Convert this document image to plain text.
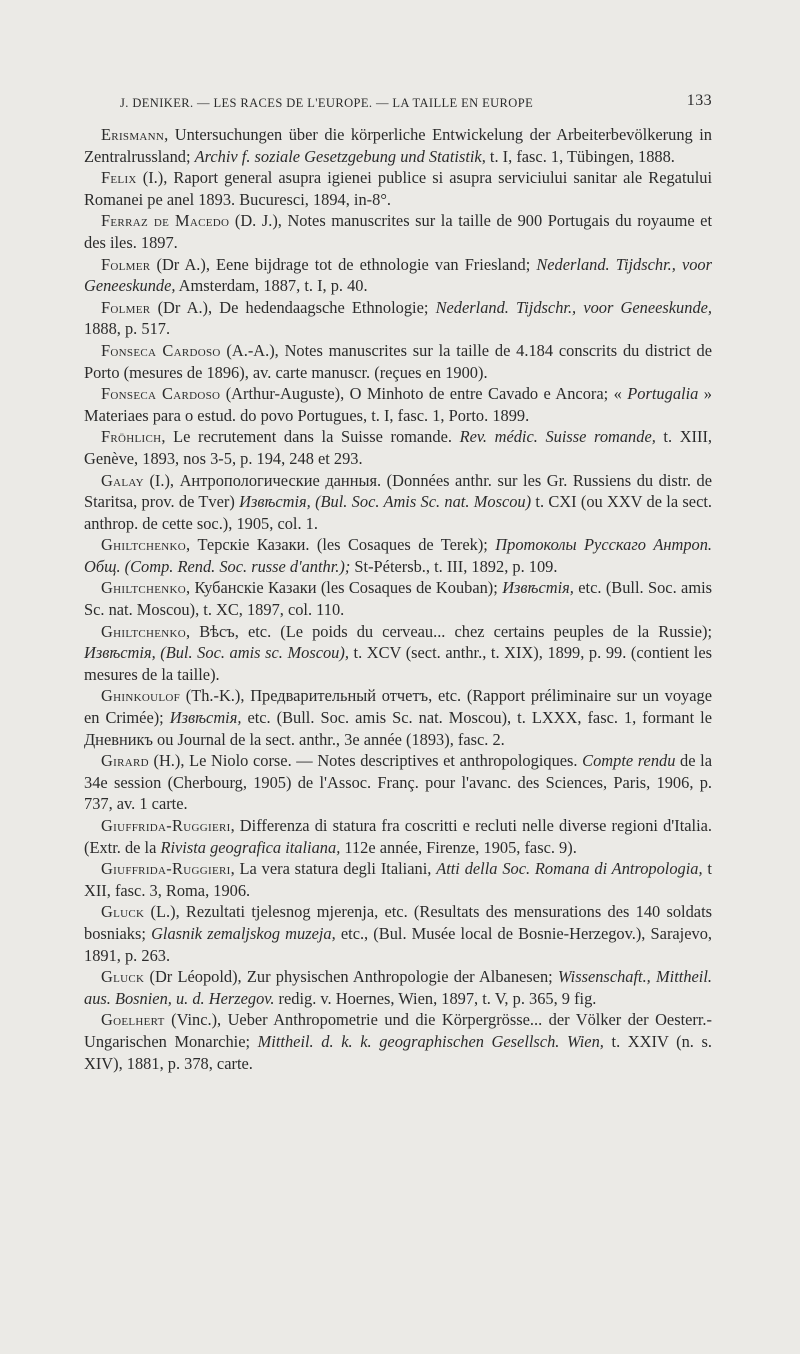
J. DENIKER. — LES RACES DE L'EUROPE. — LA TAILLE EN EUROPE	133

Erismann, Untersuchungen über die körperliche Entwickelung der Arbeiterbevölkerung in Zentralrussland; Archiv f. soziale Gesetzgebung und Statistik, t. I, fasc. 1, Tübingen, 1888.

Felix (I.), Raport general asupra igienei publice si asupra serviciului sanitar ale Regatului Romanei pe anel 1893. Bucuresci, 1894, in-8°.

Ferraz de Macedo (D. J.), Notes manuscrites sur la taille de 900 Portugais du royaume et des iles. 1897.

Folmer (Dr A.), Eene bijdrage tot de ethnologie van Friesland; Nederland. Tijdschr., voor Geneeskunde, Amsterdam, 1887, t. I, p. 40.

Folmer (Dr A.), De hedendaagsche Ethnologie; Nederland. Tijdschr., voor Geneeskunde, 1888, p. 517.

Fonseca Cardoso (A.-A.), Notes manuscrites sur la taille de 4.184 conscrits du district de Porto (mesures de 1896), av. carte manuscr. (reçues en 1900).

Fonseca Cardoso (Arthur-Auguste), O Minhoto de entre Cavado e Ancora; « Portugalia » Materiaes para o estud. do povo Portugues, t. I, fasc. 1, Porto. 1899.

Fröhlich, Le recrutement dans la Suisse romande. Rev. médic. Suisse romande, t. XIII, Genève, 1893, nos 3-5, p. 194, 248 et 293.

Galay (I.), Антропологические данныя. (Données anthr. sur les Gr. Russiens du distr. de Staritsa, prov. de Tver) Извѣстія, (Bul. Soc. Amis Sc. nat. Moscou) t. CXI (ou XXV de la sect. anthrop. de cette soc.), 1905, col. 1.

Ghiltchenko, Терскіе Казаки. (les Cosaques de Terek); Протоколы Русскаго Антроп. Общ. (Comp. Rend. Soc. russe d'anthr.); St-Pétersb., t. III, 1892, p. 109.

Ghiltchenko, Кубанскіе Казаки (les Cosaques de Kouban); Извѣстія, etc. (Bull. Soc. amis Sc. nat. Moscou), t. XC, 1897, col. 110.

Ghiltchenko, Вѣсъ, etc. (Le poids du cerveau... chez certains peuples de la Russie); Извѣстія, (Bul. Soc. amis sc. Moscou), t. XCV (sect. anthr., t. XIX), 1899, p. 99. (contient les mesures de la taille).

Ghinkoulof (Th.-K.), Предварительный отчетъ, etc. (Rapport préliminaire sur un voyage en Crimée); Извѣстія, etc. (Bull. Soc. amis Sc. nat. Moscou), t. LXXX, fasc. 1, formant le Дневникъ ou Journal de la sect. anthr., 3e année (1893), fasc. 2.

Girard (H.), Le Niolo corse. — Notes descriptives et anthropologiques. Compte rendu de la 34e session (Cherbourg, 1905) de l'Assoc. Franç. pour l'avanc. des Sciences, Paris, 1906, p. 737, av. 1 carte.

Giuffrida-Ruggieri, Differenza di statura fra coscritti e recluti nelle diverse regioni d'Italia. (Extr. de la Rivista geografica italiana, 112e année, Firenze, 1905, fasc. 9).

Giuffrida-Ruggieri, La vera statura degli Italiani, Atti della Soc. Romana di Antropologia, t XII, fasc. 3, Roma, 1906.

Gluck (L.), Rezultati tjelesnog mjerenja, etc. (Resultats des mensurations des 140 soldats bosniaks; Glasnik zemaljskog muzeja, etc., (Bul. Musée local de Bosnie-Herzegov.), Sarajevo, 1891, p. 263.

Gluck (Dr Léopold), Zur physischen Anthropologie der Albanesen; Wissenschaft., Mittheil. aus. Bosnien, u. d. Herzegov. redig. v. Hoernes, Wien, 1897, t. V, p. 365, 9 fig.

Goelhert (Vinc.), Ueber Anthropometrie und die Körpergrösse... der Völker der Oesterr.-Ungarischen Monarchie; Mittheil. d. k. k. geographischen Gesellsch. Wien, t. XXIV (n. s. XIV), 1881, p. 378, carte.
